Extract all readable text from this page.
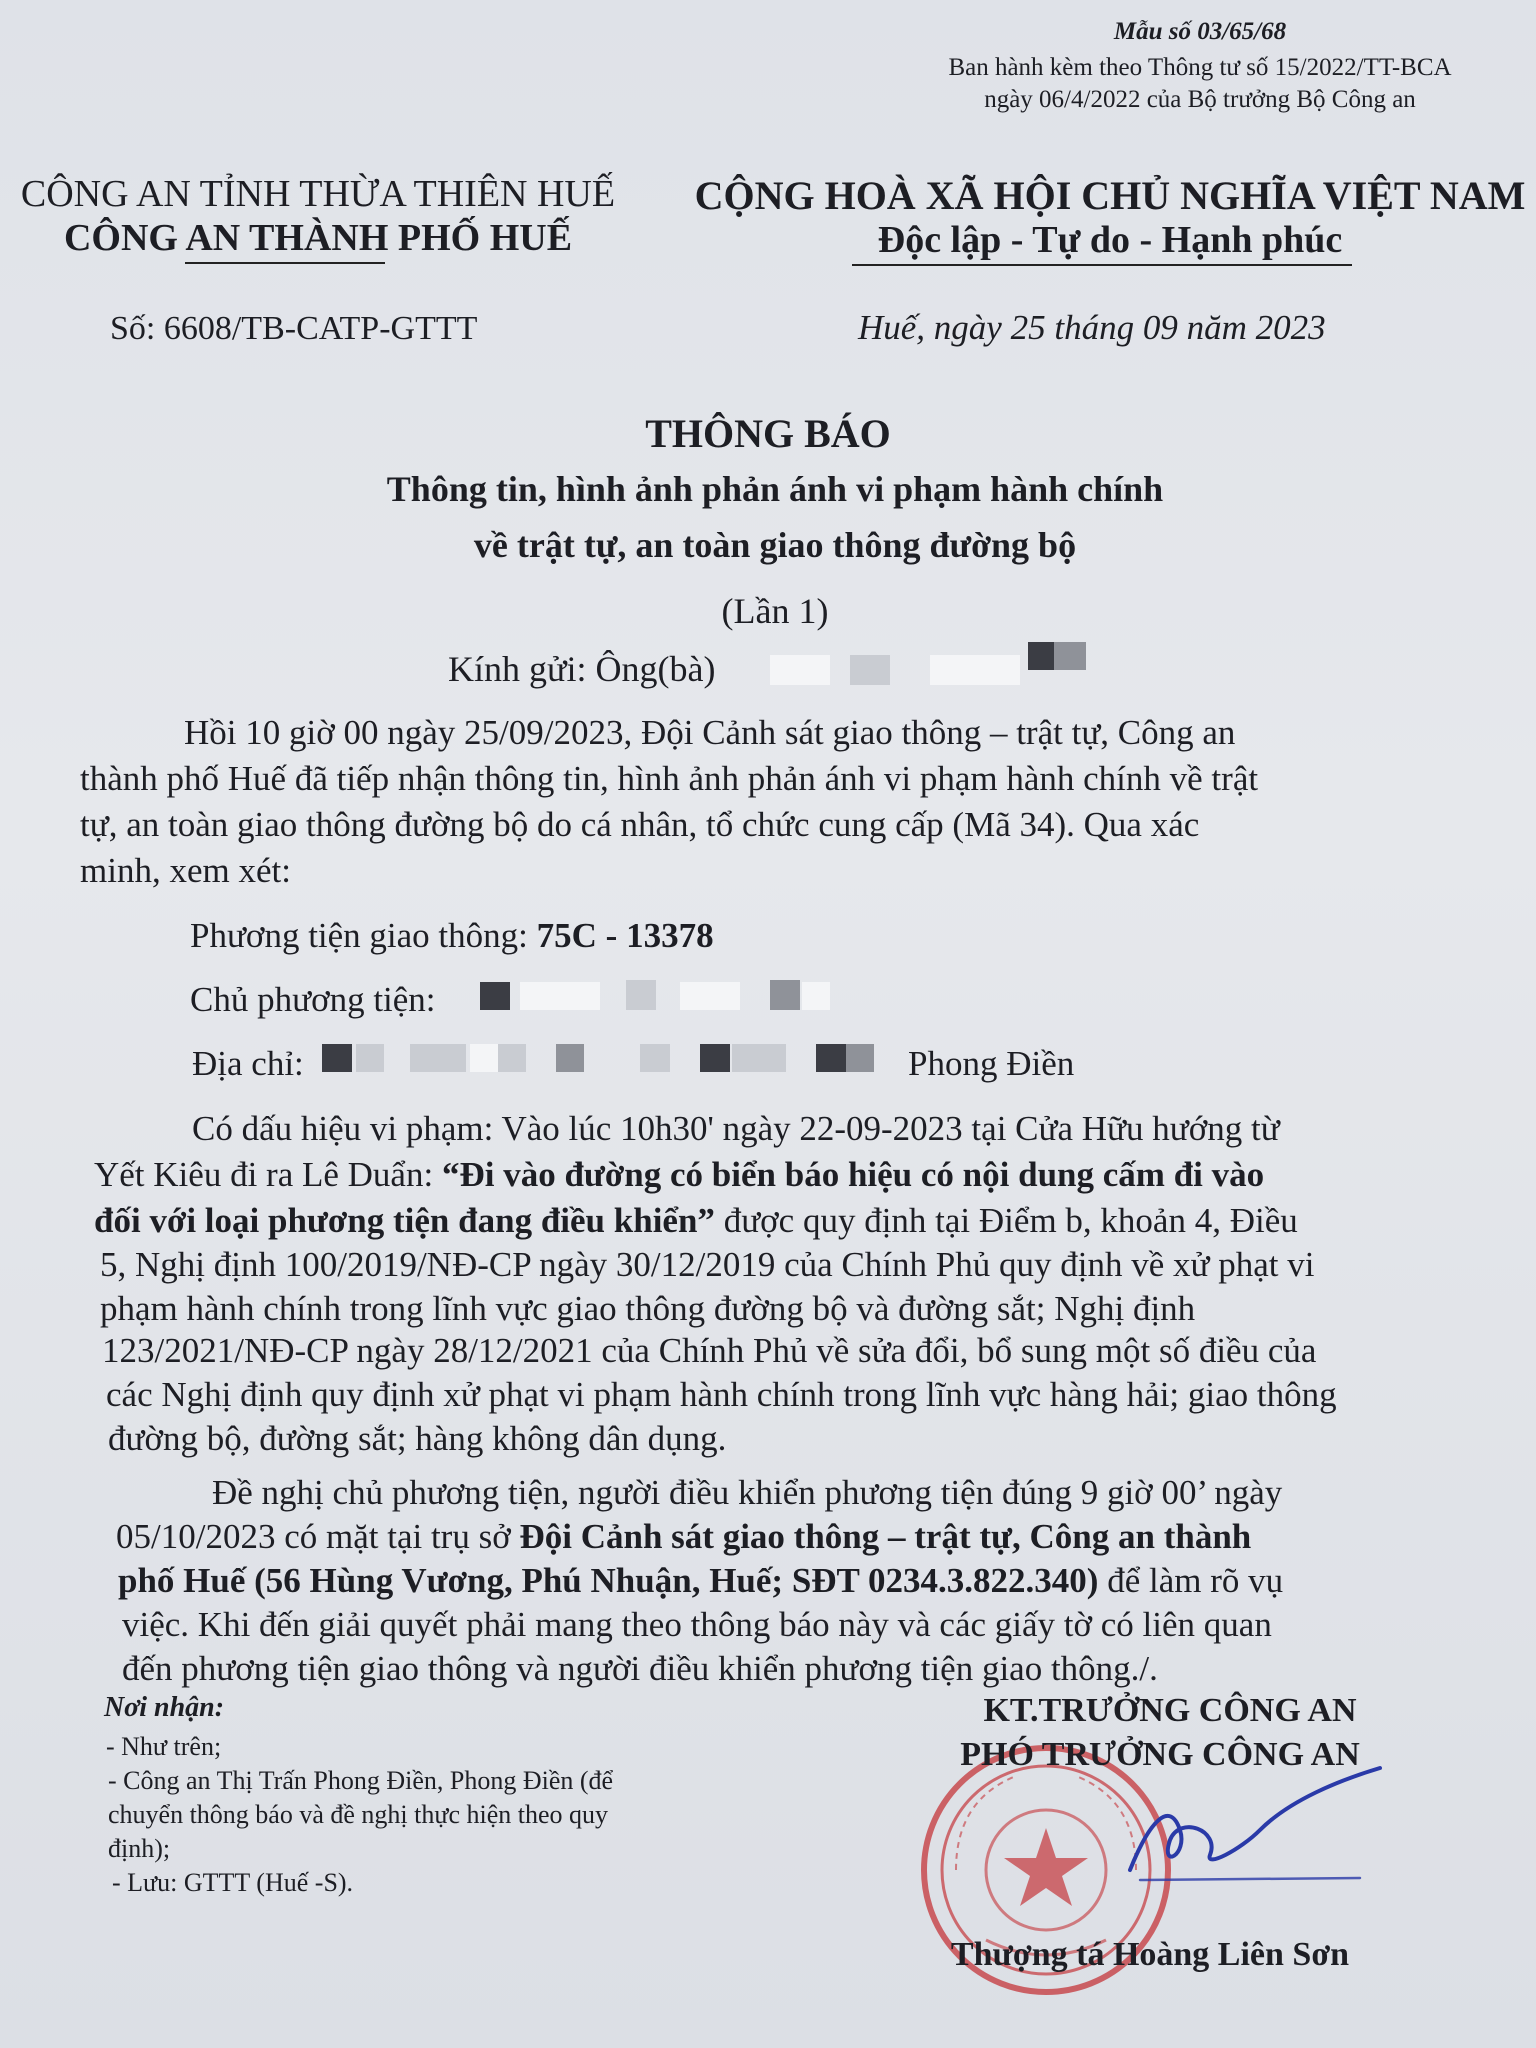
Mẫu số 03/65/68
Ban hành kèm theo Thông tư số 15/2022/TT-BCA
ngày 06/4/2022 của Bộ trưởng Bộ Công an
CÔNG AN TỈNH THỪA THIÊN HUẾ
CÔNG AN THÀNH PHỐ HUẾ
CỘNG HOÀ XÃ HỘI CHỦ NGHĨA VIỆT NAM
Độc lập - Tự do - Hạnh phúc
Số: 6608/TB-CATP-GTTT	Huế, ngày 25 tháng 09 năm 2023
THÔNG BÁO
Thông tin, hình ảnh phản ánh vi phạm hành chính
về trật tự, an toàn giao thông đường bộ
(Lần 1)
Kính gửi: Ông(bà)
Hồi 10 giờ 00 ngày 25/09/2023, Đội Cảnh sát giao thông – trật tự, Công an
thành phố Huế đã tiếp nhận thông tin, hình ảnh phản ánh vi phạm hành chính về trật
tự, an toàn giao thông đường bộ do cá nhân, tổ chức cung cấp (Mã 34). Qua xác
minh, xem xét:
Phương tiện giao thông: 75C - 13378
Chủ phương tiện:
Địa chỉ:	Phong Điền
Có dấu hiệu vi phạm: Vào lúc 10h30' ngày 22-09-2023 tại Cửa Hữu hướng từ
Yết Kiêu đi ra Lê Duẩn: “Đi vào đường có biển báo hiệu có nội dung cấm đi vào
đối với loại phương tiện đang điều khiển” được quy định tại Điểm b, khoản 4, Điều
5, Nghị định 100/2019/NĐ-CP ngày 30/12/2019 của Chính Phủ quy định về xử phạt vi
phạm hành chính trong lĩnh vực giao thông đường bộ và đường sắt; Nghị định
123/2021/NĐ-CP ngày 28/12/2021 của Chính Phủ về sửa đổi, bổ sung một số điều của
các Nghị định quy định xử phạt vi phạm hành chính trong lĩnh vực hàng hải; giao thông
đường bộ, đường sắt; hàng không dân dụng.
Đề nghị chủ phương tiện, người điều khiển phương tiện đúng 9 giờ 00’ ngày
05/10/2023 có mặt tại trụ sở Đội Cảnh sát giao thông – trật tự, Công an thành
phố Huế (56 Hùng Vương, Phú Nhuận, Huế; SĐT 0234.3.822.340) để làm rõ vụ
việc. Khi đến giải quyết phải mang theo thông báo này và các giấy tờ có liên quan
đến phương tiện giao thông và người điều khiển phương tiện giao thông./.
Nơi nhận:
- Như trên;
- Công an Thị Trấn Phong Điền, Phong Điền (để
chuyển thông báo và đề nghị thực hiện theo quy
định);
- Lưu: GTTT (Huế -S).
KT.TRƯỞNG CÔNG AN
PHÓ TRƯỞNG CÔNG AN
Thượng tá Hoàng Liên Sơn
